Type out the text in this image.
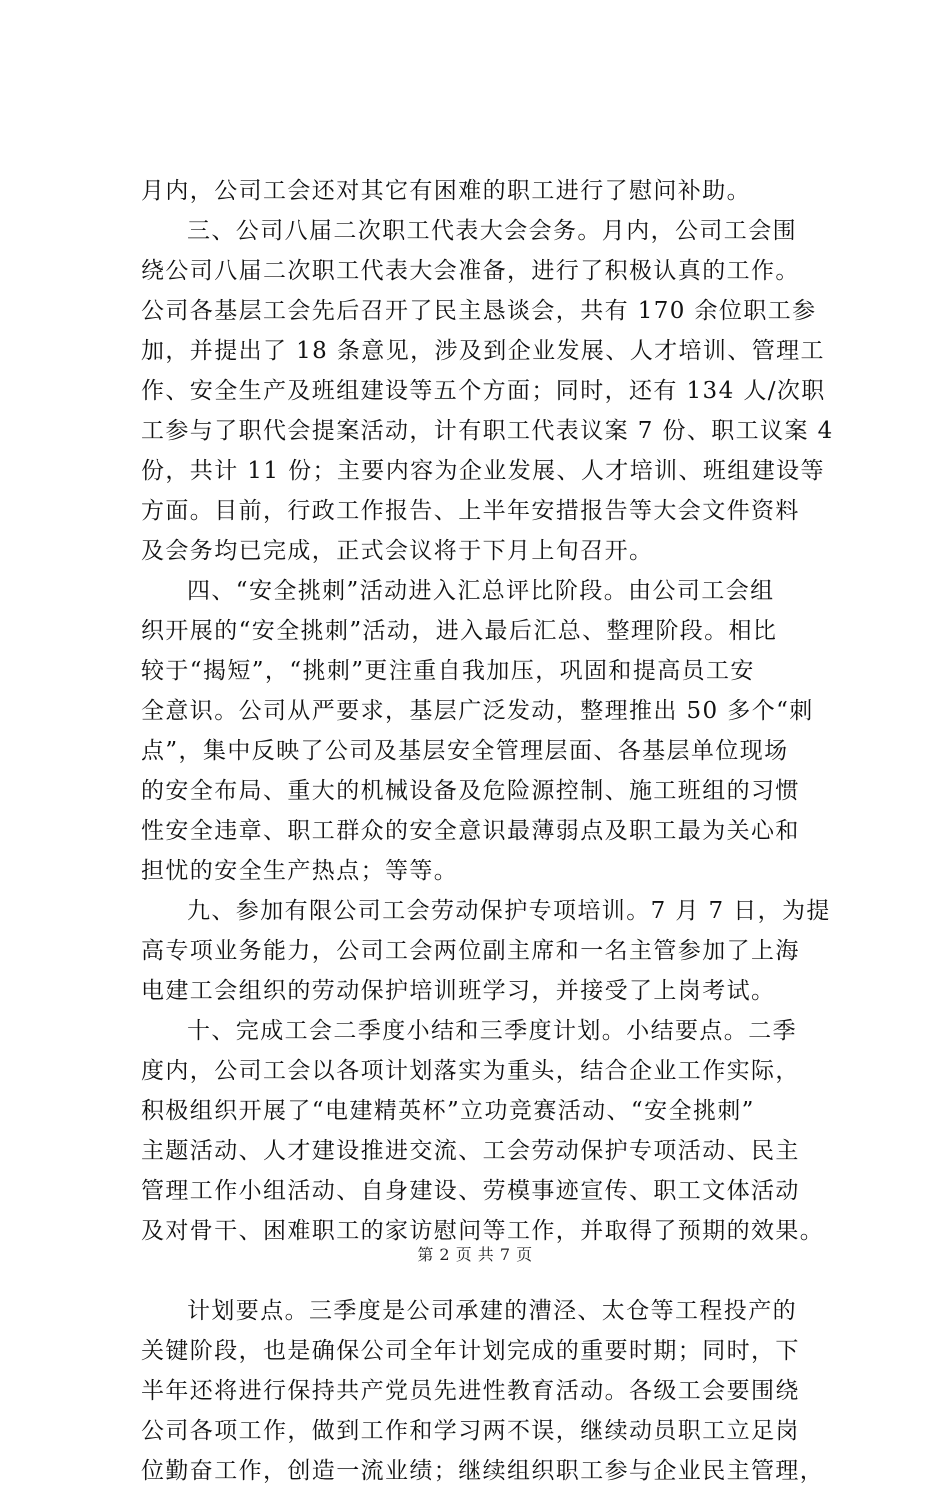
月内，公司工会还对其它有困难的职工进行了慰问补助。
三、公司八届二次职工代表大会会务。月内，公司工会围
绕公司八届二次职工代表大会准备，进行了积极认真的工作。
公司各基层工会先后召开了民主恳谈会，共有 170 余位职工参
加，并提出了 18 条意见，涉及到企业发展、人才培训、管理工
作、安全生产及班组建设等五个方面；同时，还有 134 人/次职
工参与了职代会提案活动，计有职工代表议案 7 份、职工议案 4
份，共计 11 份；主要内容为企业发展、人才培训、班组建设等
方面。目前，行政工作报告、上半年安措报告等大会文件资料
及会务均已完成，正式会议将于下月上旬召开。
四、“安全挑刺”活动进入汇总评比阶段。由公司工会组
织开展的“安全挑刺”活动，进入最后汇总、整理阶段。相比
较于“揭短”，“挑刺”更注重自我加压，巩固和提高员工安
全意识。公司从严要求，基层广泛发动，整理推出 50 多个“刺
点”，集中反映了公司及基层安全管理层面、各基层单位现场
的安全布局、重大的机械设备及危险源控制、施工班组的习惯
性安全违章、职工群众的安全意识最薄弱点及职工最为关心和
担忧的安全生产热点；等等。
九、参加有限公司工会劳动保护专项培训。7 月 7 日，为提
高专项业务能力，公司工会两位副主席和一名主管参加了上海
电建工会组织的劳动保护培训班学习，并接受了上岗考试。
十、完成工会二季度小结和三季度计划。小结要点。二季
度内，公司工会以各项计划落实为重头，结合企业工作实际，
积极组织开展了“电建精英杯”立功竞赛活动、“安全挑刺”
主题活动、人才建设推进交流、工会劳动保护专项活动、民主
管理工作小组活动、自身建设、劳模事迹宣传、职工文体活动
及对骨干、困难职工的家访慰问等工作，并取得了预期的效果。
计划要点。三季度是公司承建的漕泾、太仓等工程投产的
关键阶段，也是确保公司全年计划完成的重要时期；同时，下
半年还将进行保持共产党员先进性教育活动。各级工会要围绕
公司各项工作，做到工作和学习两不误，继续动员职工立足岗
位勤奋工作，创造一流业绩；继续组织职工参与企业民主管理，
第 2 页 共 7 页
